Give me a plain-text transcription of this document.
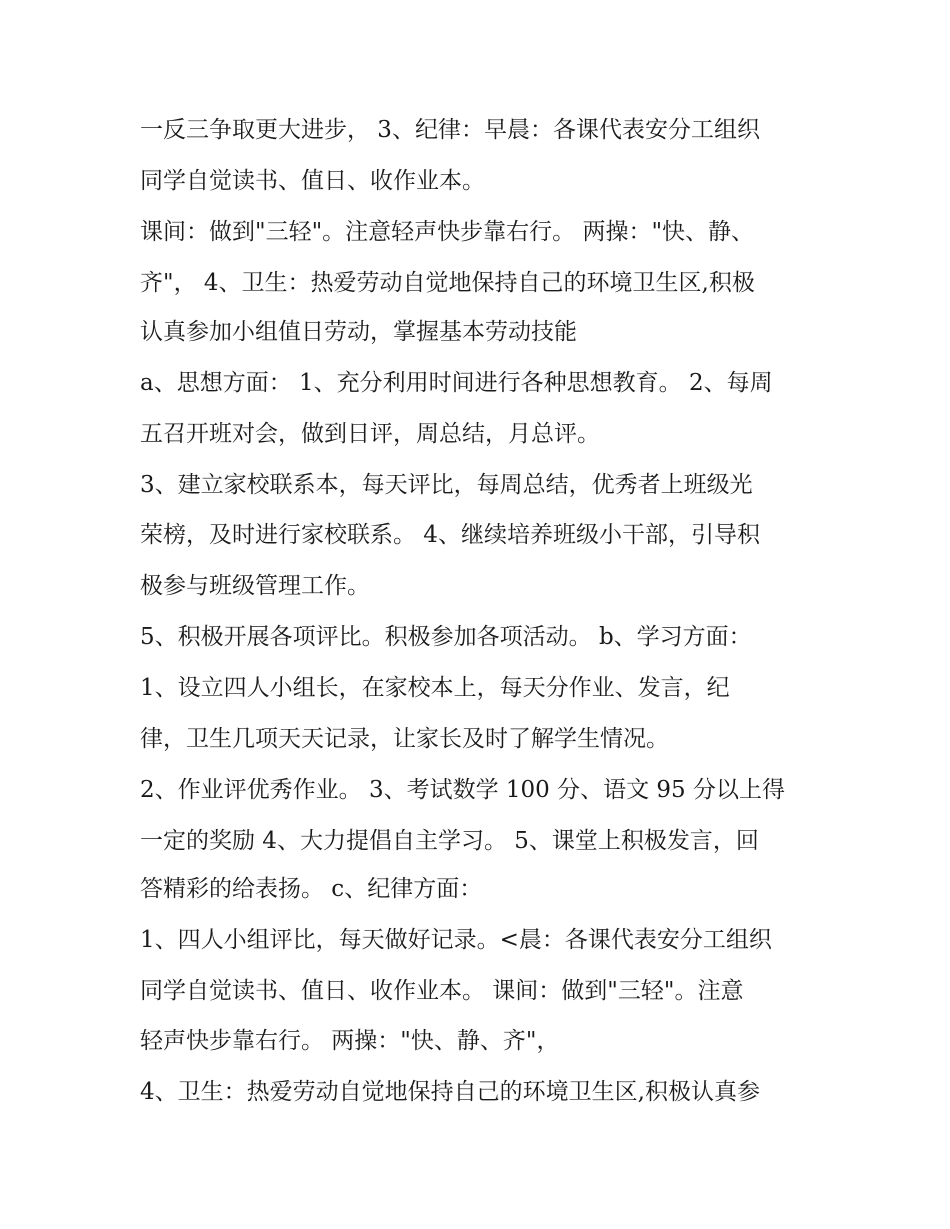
一反三争取更大进步， 3、纪律：早晨：各课代表安分工组织

同学自觉读书、值日、收作业本。

课间：做到"三轻"。注意轻声快步靠右行。 两操："快、静、

齐"， 4、卫生：热爱劳动自觉地保持自己的环境卫生区,积极

认真参加小组值日劳动，掌握基本劳动技能

a、思想方面： 1、充分利用时间进行各种思想教育。 2、每周

五召开班对会，做到日评，周总结，月总评。

3、建立家校联系本，每天评比，每周总结，优秀者上班级光

荣榜，及时进行家校联系。 4、继续培养班级小干部，引导积

极参与班级管理工作。

5、积极开展各项评比。积极参加各项活动。 b、学习方面：

1、设立四人小组长，在家校本上，每天分作业、发言，纪

律，卫生几项天天记录，让家长及时了解学生情况。

2、作业评优秀作业。 3、考试数学 100 分、语文 95 分以上得

一定的奖励 4、大力提倡自主学习。 5、课堂上积极发言，回

答精彩的给表扬。 c、纪律方面：

1、四人小组评比，每天做好记录。<晨：各课代表安分工组织

同学自觉读书、值日、收作业本。 课间：做到"三轻"。注意

轻声快步靠右行。 两操："快、静、齐"，

4、卫生：热爱劳动自觉地保持自己的环境卫生区,积极认真参
